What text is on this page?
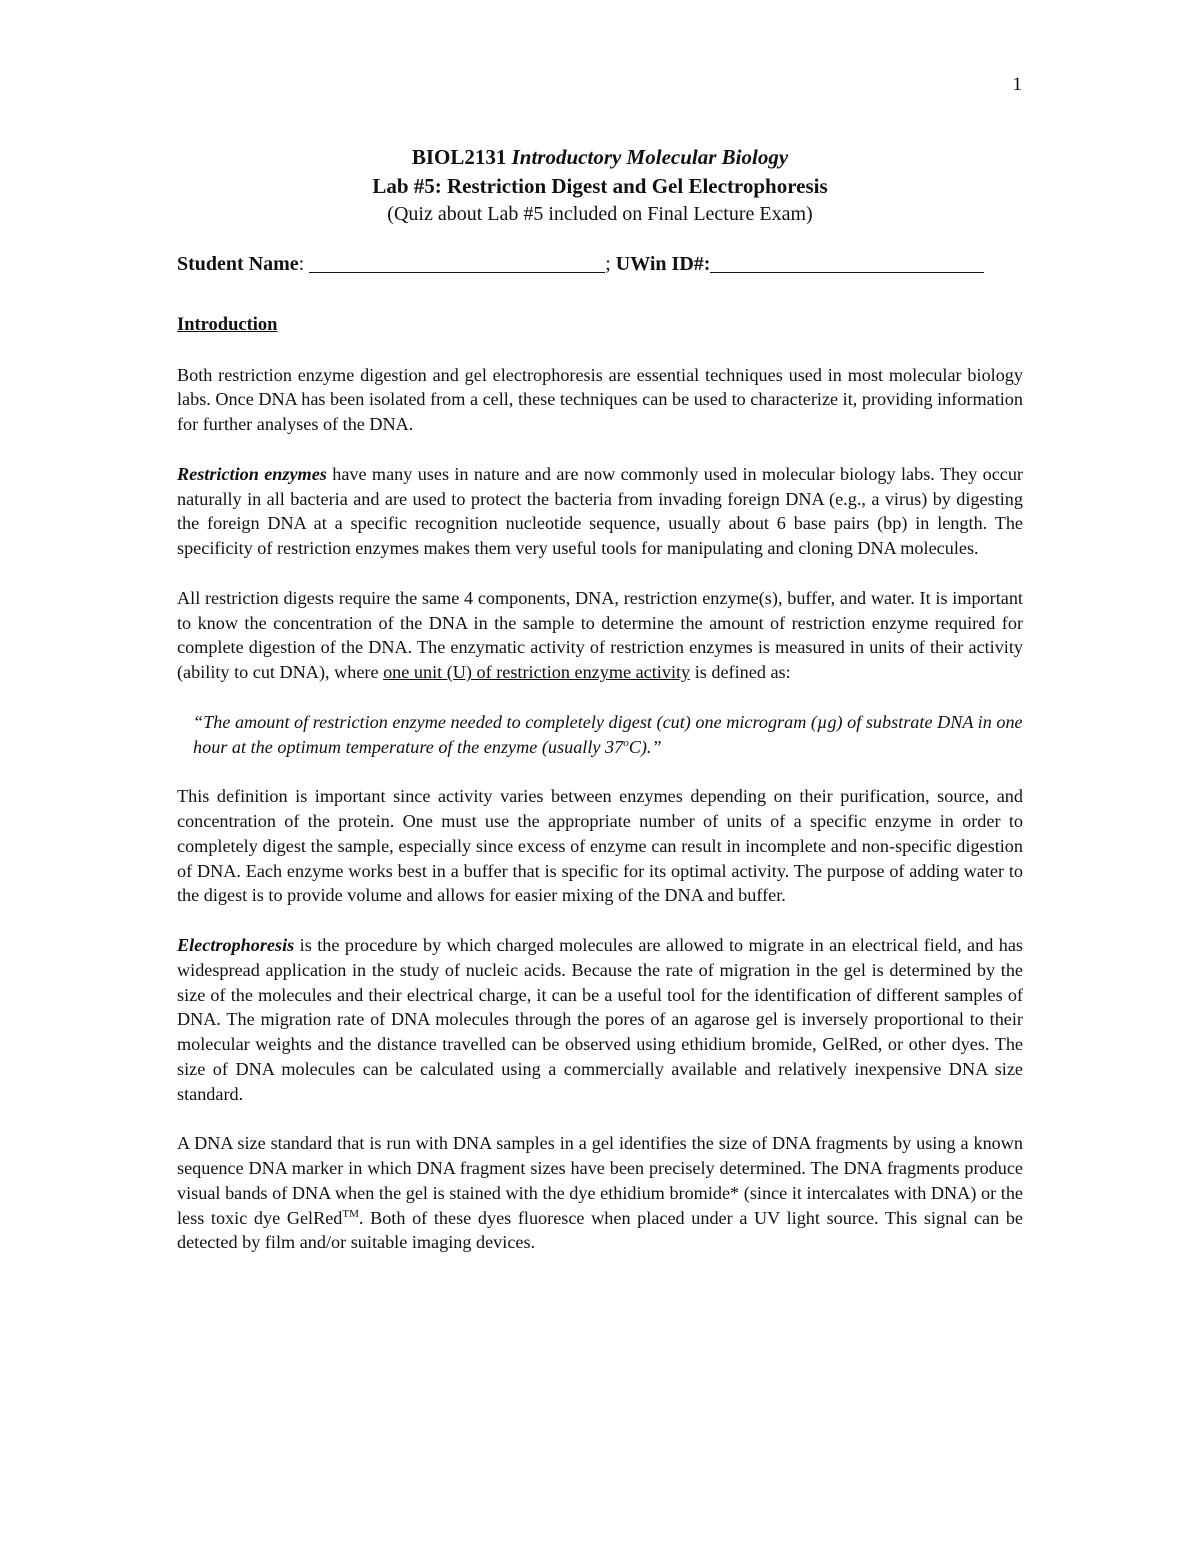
1
BIOL2131 Introductory Molecular Biology
Lab #5: Restriction Digest and Gel Electrophoresis
(Quiz about Lab #5 included on Final Lecture Exam)
Student Name:	; UWin ID#:
Introduction

Both restriction enzyme digestion and gel electrophoresis are essential techniques used in most molecular biology labs. Once DNA has been isolated from a cell, these techniques can be used to characterize it, providing information for further analyses of the DNA.

Restriction enzymes have many uses in nature and are now commonly used in molecular biology labs. They occur naturally in all bacteria and are used to protect the bacteria from invading foreign DNA (e.g., a virus) by digesting the foreign DNA at a specific recognition nucleotide sequence, usually about 6 base pairs (bp) in length. The specificity of restriction enzymes makes them very useful tools for manipulating and cloning DNA molecules.

All restriction digests require the same 4 components, DNA, restriction enzyme(s), buffer, and water. It is important to know the concentration of the DNA in the sample to determine the amount of restriction enzyme required for complete digestion of the DNA. The enzymatic activity of restriction enzymes is measured in units of their activity (ability to cut DNA), where one unit (U) of restriction enzyme activity is defined as:

“The amount of restriction enzyme needed to completely digest (cut) one microgram (µg) of substrate DNA in one hour at the optimum temperature of the enzyme (usually 37$^o$C).”

This definition is important since activity varies between enzymes depending on their purification, source, and concentration of the protein. One must use the appropriate number of units of a specific enzyme in order to completely digest the sample, especially since excess of enzyme can result in incomplete and non-specific digestion of DNA. Each enzyme works best in a buffer that is specific for its optimal activity. The purpose of adding water to the digest is to provide volume and allows for easier mixing of the DNA and buffer.

Electrophoresis is the procedure by which charged molecules are allowed to migrate in an electrical field, and has widespread application in the study of nucleic acids. Because the rate of migration in the gel is determined by the size of the molecules and their electrical charge, it can be a useful tool for the identification of different samples of DNA. The migration rate of DNA molecules through the pores of an agarose gel is inversely proportional to their molecular weights and the distance travelled can be observed using ethidium bromide, GelRed, or other dyes. The size of DNA molecules can be calculated using a commercially available and relatively inexpensive DNA size standard.

A DNA size standard that is run with DNA samples in a gel identifies the size of DNA fragments by using a known sequence DNA marker in which DNA fragment sizes have been precisely determined. The DNA fragments produce visual bands of DNA when the gel is stained with the dye ethidium bromide* (since it intercalates with DNA) or the less toxic dye GelRed™. Both of these dyes fluoresce when placed under a UV light source. This signal can be detected by film and/or suitable imaging devices.
